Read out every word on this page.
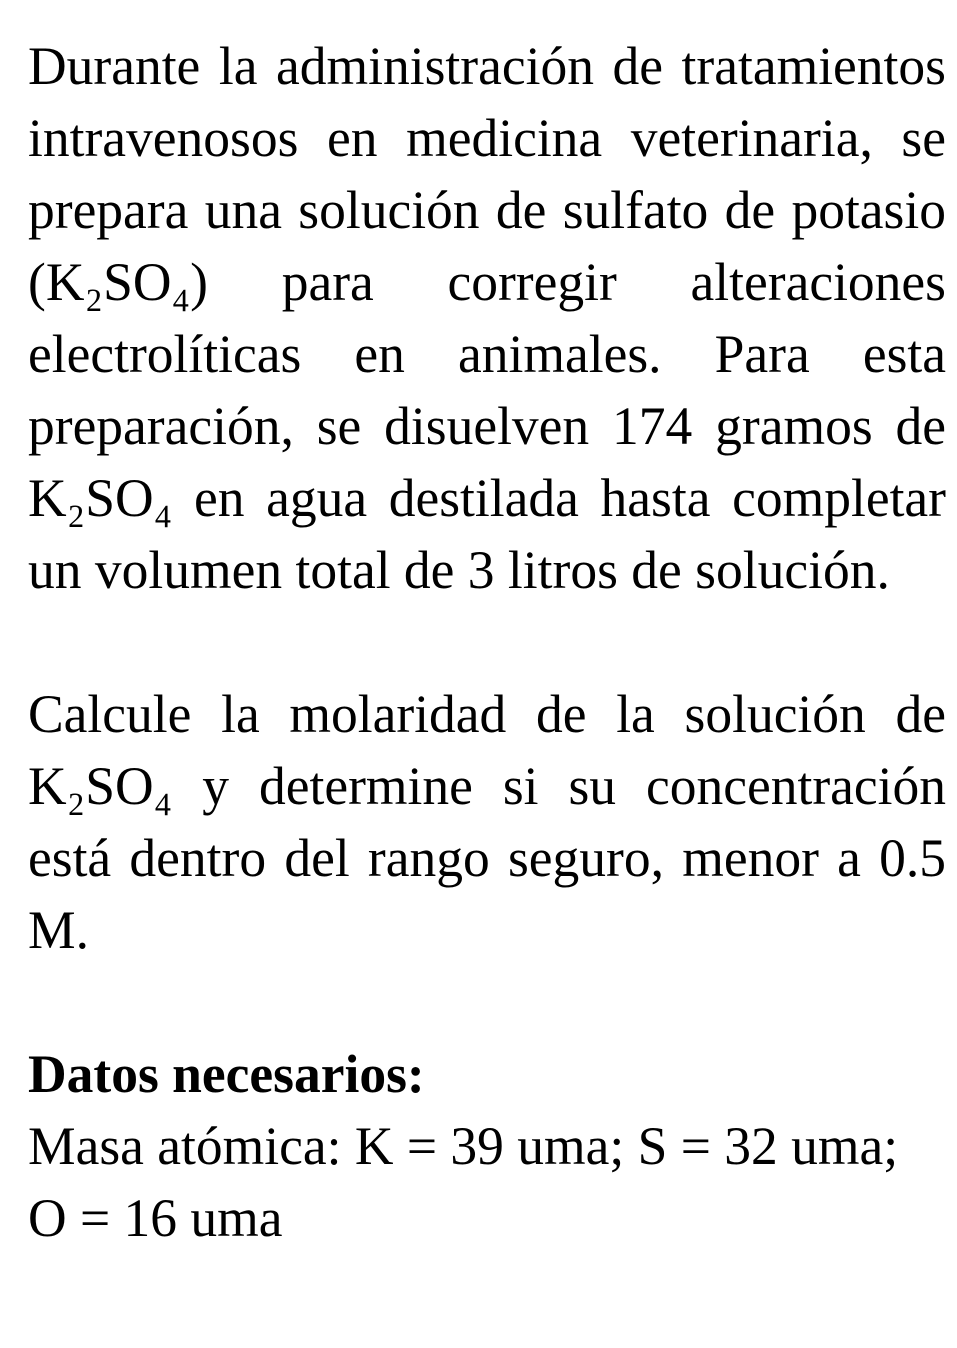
Durante la administración de tratamientos intravenosos en medicina veterinaria, se prepara una solución de sulfato de potasio (K₂SO₄) para corregir alteraciones electrolíticas en animales. Para esta preparación, se disuelven 174 gramos de K₂SO₄ en agua destilada hasta completar un volumen total de 3 litros de solución.

Calcule la molaridad de la solución de K₂SO₄ y determine si su concentración está dentro del rango seguro, menor a 0.5 M.

Datos necesarios:

Masa atómica: K = 39 uma; S = 32 uma; O = 16 uma
